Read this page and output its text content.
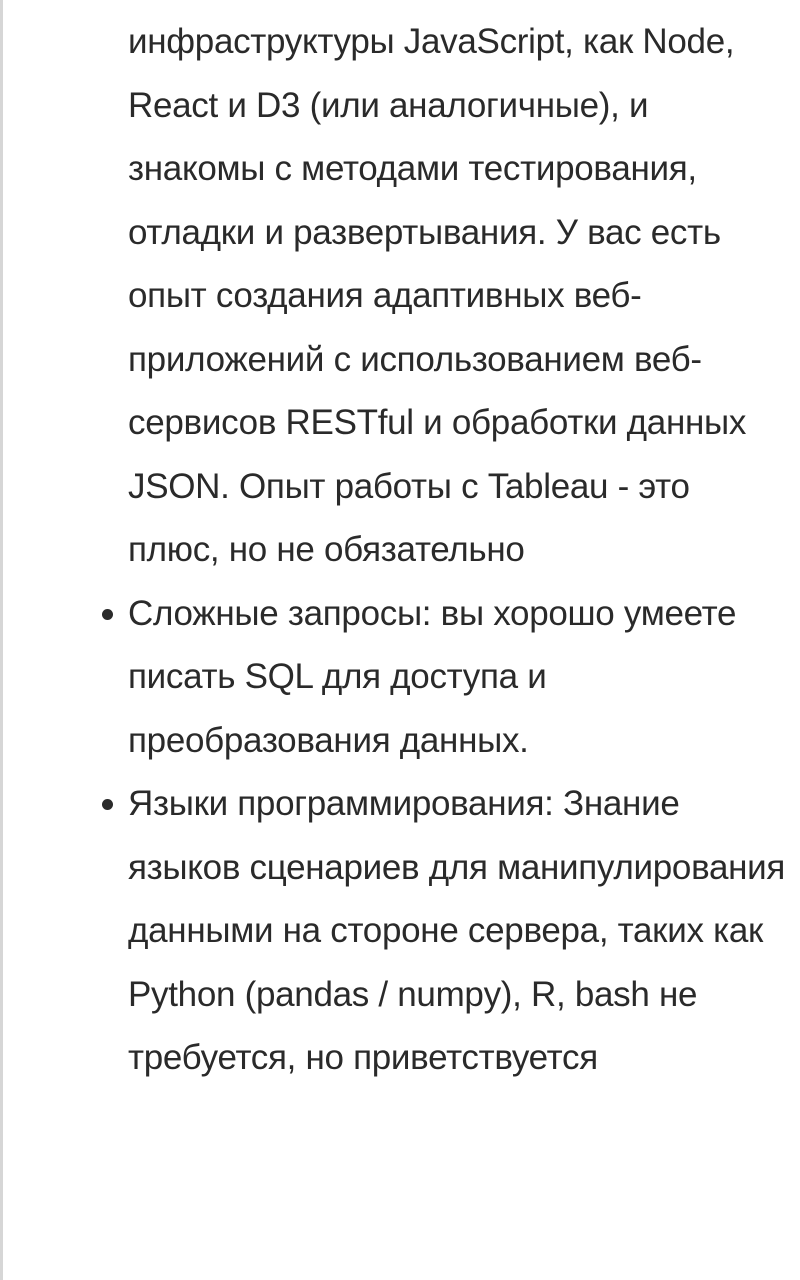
инфраструктуры JavaScript, как Node, React и D3 (или аналогичные), и знакомы с методами тестирования, отладки и развертывания. У вас есть опыт создания адаптивных веб-приложений с использованием веб-сервисов RESTful и обработки данных JSON. Опыт работы с Tableau - это плюс, но не обязательно

Сложные запросы: вы хорошо умеете писать SQL для доступа и преобразования данных.
Языки программирования: Знание языков сценариев для манипулирования данными на стороне сервера, таких как Python (pandas / numpy), R, bash не требуется, но приветствуется
